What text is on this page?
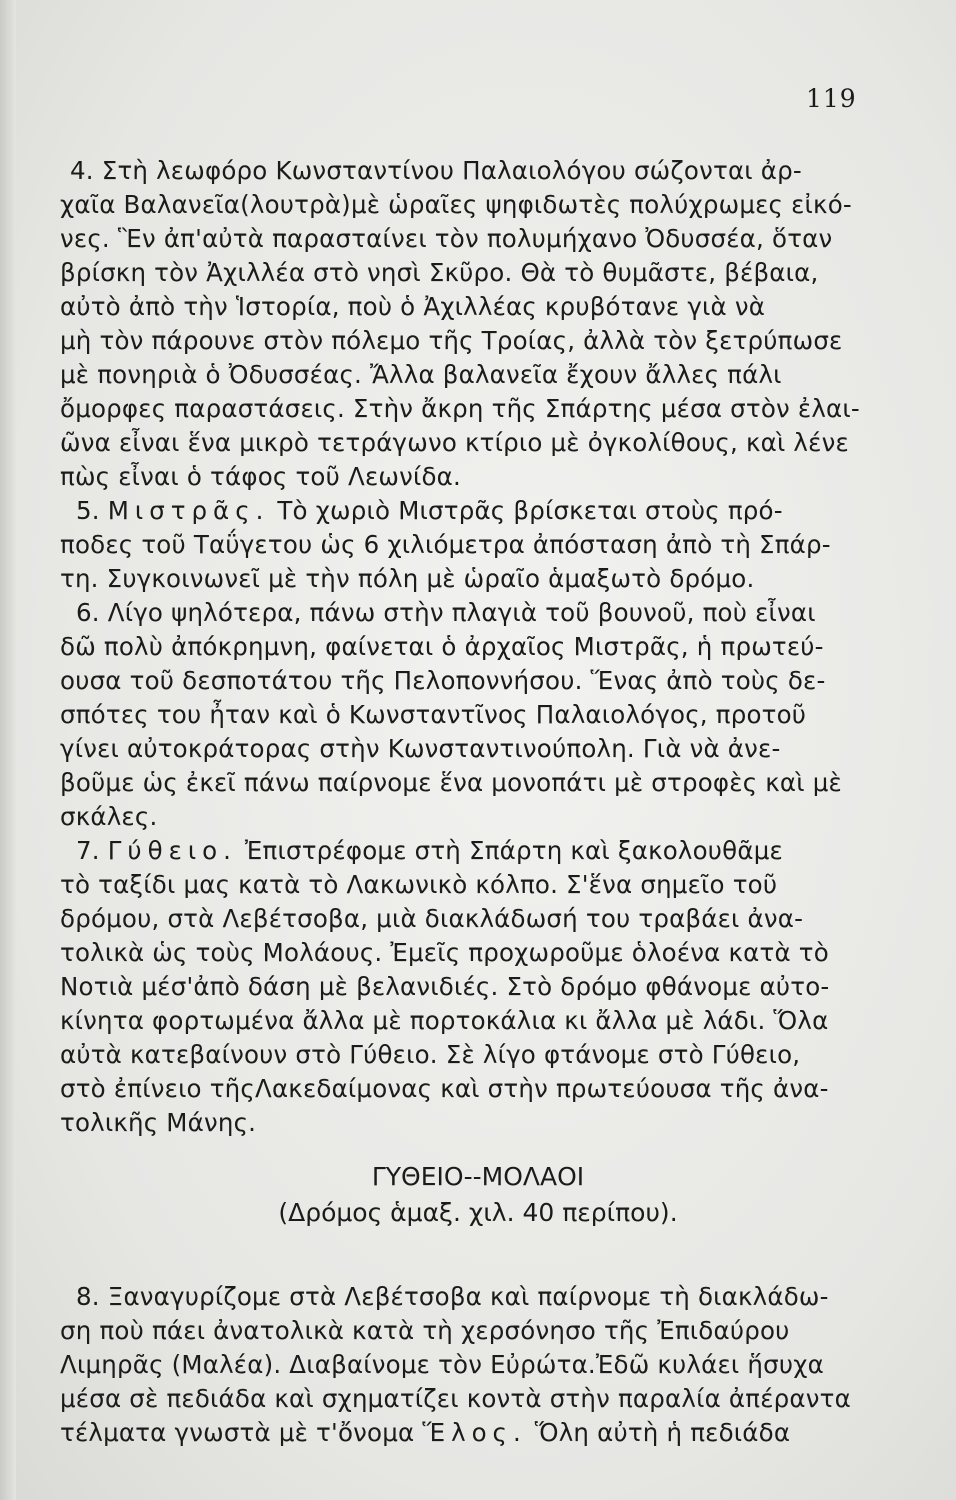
119
4. Στὴ λεωφόρο Κωνσταντίνου Παλαιολόγου σώζονται ἀρ-
χαῖα Βαλανεῖα(λουτρὰ)μὲ ὡραῖες ψηφιδωτὲς πολύχρωμες εἰκό-
νες. Ἓν ἀπ'αὐτὰ παρασταίνει τὸν πολυμήχανο Ὀδυσσέα, ὅταν
βρίσκη τὸν Ἀχιλλέα στὸ νησὶ Σκῦρο. Θὰ τὸ θυμᾶστε, βέβαια,
αὐτὸ ἀπὸ τὴν Ἱστορία, ποὺ ὁ Ἀχιλλέας κρυβότανε γιὰ νὰ
μὴ τὸν πάρουνε στὸν πόλεμο τῆς Τροίας, ἀλλὰ τὸν ξετρύπωσε
μὲ πονηριὰ ὁ Ὀδυσσέας. Ἄλλα βαλανεῖα ἔχουν ἄλλες πάλι
ὄμορφες παραστάσεις. Στὴν ἄκρη τῆς Σπάρτης μέσα στὸν ἐλαι-
ῶνα εἶναι ἕνα μικρὸ τετράγωνο κτίριο μὲ ὀγκολίθους, καὶ λένε
πὼς εἶναι ὁ τάφος τοῦ Λεωνίδα.
5. Μιστρᾶς. Τὸ χωριὸ Μιστρᾶς βρίσκεται στοὺς πρό-
ποδες τοῦ Ταΰγετου ὡς 6 χιλιόμετρα ἀπόσταση ἀπὸ τὴ Σπάρ-
τη. Συγκοινωνεῖ μὲ τὴν πόλη μὲ ὡραῖο ἁμαξωτὸ δρόμο.
6. Λίγο ψηλότερα, πάνω στὴν πλαγιὰ τοῦ βουνοῦ, ποὺ εἶναι
δῶ πολὺ ἀπόκρημνη, φαίνεται ὁ ἀρχαῖος Μιστρᾶς, ἡ πρωτεύ-
ουσα τοῦ δεσποτάτου τῆς Πελοποννήσου. Ἕνας ἀπὸ τοὺς δε-
σπότες του ἦταν καὶ ὁ Κωνσταντῖνος Παλαιολόγος, προτοῦ
γίνει αὐτοκράτορας στὴν Κωνσταντινούπολη. Γιὰ νὰ ἀνε-
βοῦμε ὡς ἐκεῖ πάνω παίρνομε ἕνα μονοπάτι μὲ στροφὲς καὶ μὲ
σκάλες.
7. Γύθειο. Ἐπιστρέφομε στὴ Σπάρτη καὶ ξακολουθᾶμε
τὸ ταξίδι μας κατὰ τὸ Λακωνικὸ κόλπο. Σ'ἕνα σημεῖο τοῦ
δρόμου, στὰ Λεβέτσοβα, μιὰ διακλάδωσή του τραβάει ἀνα-
τολικὰ ὡς τοὺς Μολάους. Ἐμεῖς προχωροῦμε ὁλοένα κατὰ τὸ
Νοτιὰ μέσ'ἀπὸ δάση μὲ βελανιδιές. Στὸ δρόμο φθάνομε αὐτο-
κίνητα φορτωμένα ἄλλα μὲ πορτοκάλια κι ἄλλα μὲ λάδι. Ὅλα
αὐτὰ κατεβαίνουν στὸ Γύθειο. Σὲ λίγο φτάνομε στὸ Γύθειο,
στὸ ἐπίνειο τῆςΛακεδαίμονας καὶ στὴν πρωτεύουσα τῆς ἀνα-
τολικῆς Μάνης.
ΓΥΘΕΙΟ--ΜΟΛΑΟΙ
(Δρόμος ἁμαξ. χιλ. 40 περίπου).
8. Ξαναγυρίζομε στὰ Λεβέτσοβα καὶ παίρνομε τὴ διακλάδω-
ση ποὺ πάει ἀνατολικὰ κατὰ τὴ χερσόνησο τῆς Ἐπιδαύρου
Λιμηρᾶς (Μαλέα). Διαβαίνομε τὸν Εὐρώτα.Ἐδῶ κυλάει ἥσυχα
μέσα σὲ πεδιάδα καὶ σχηματίζει κοντὰ στὴν παραλία ἀπέραντα
τέλματα γνωστὰ μὲ τ'ὄνομα Ἕλος. Ὅλη αὐτὴ ἡ πεδιάδα
